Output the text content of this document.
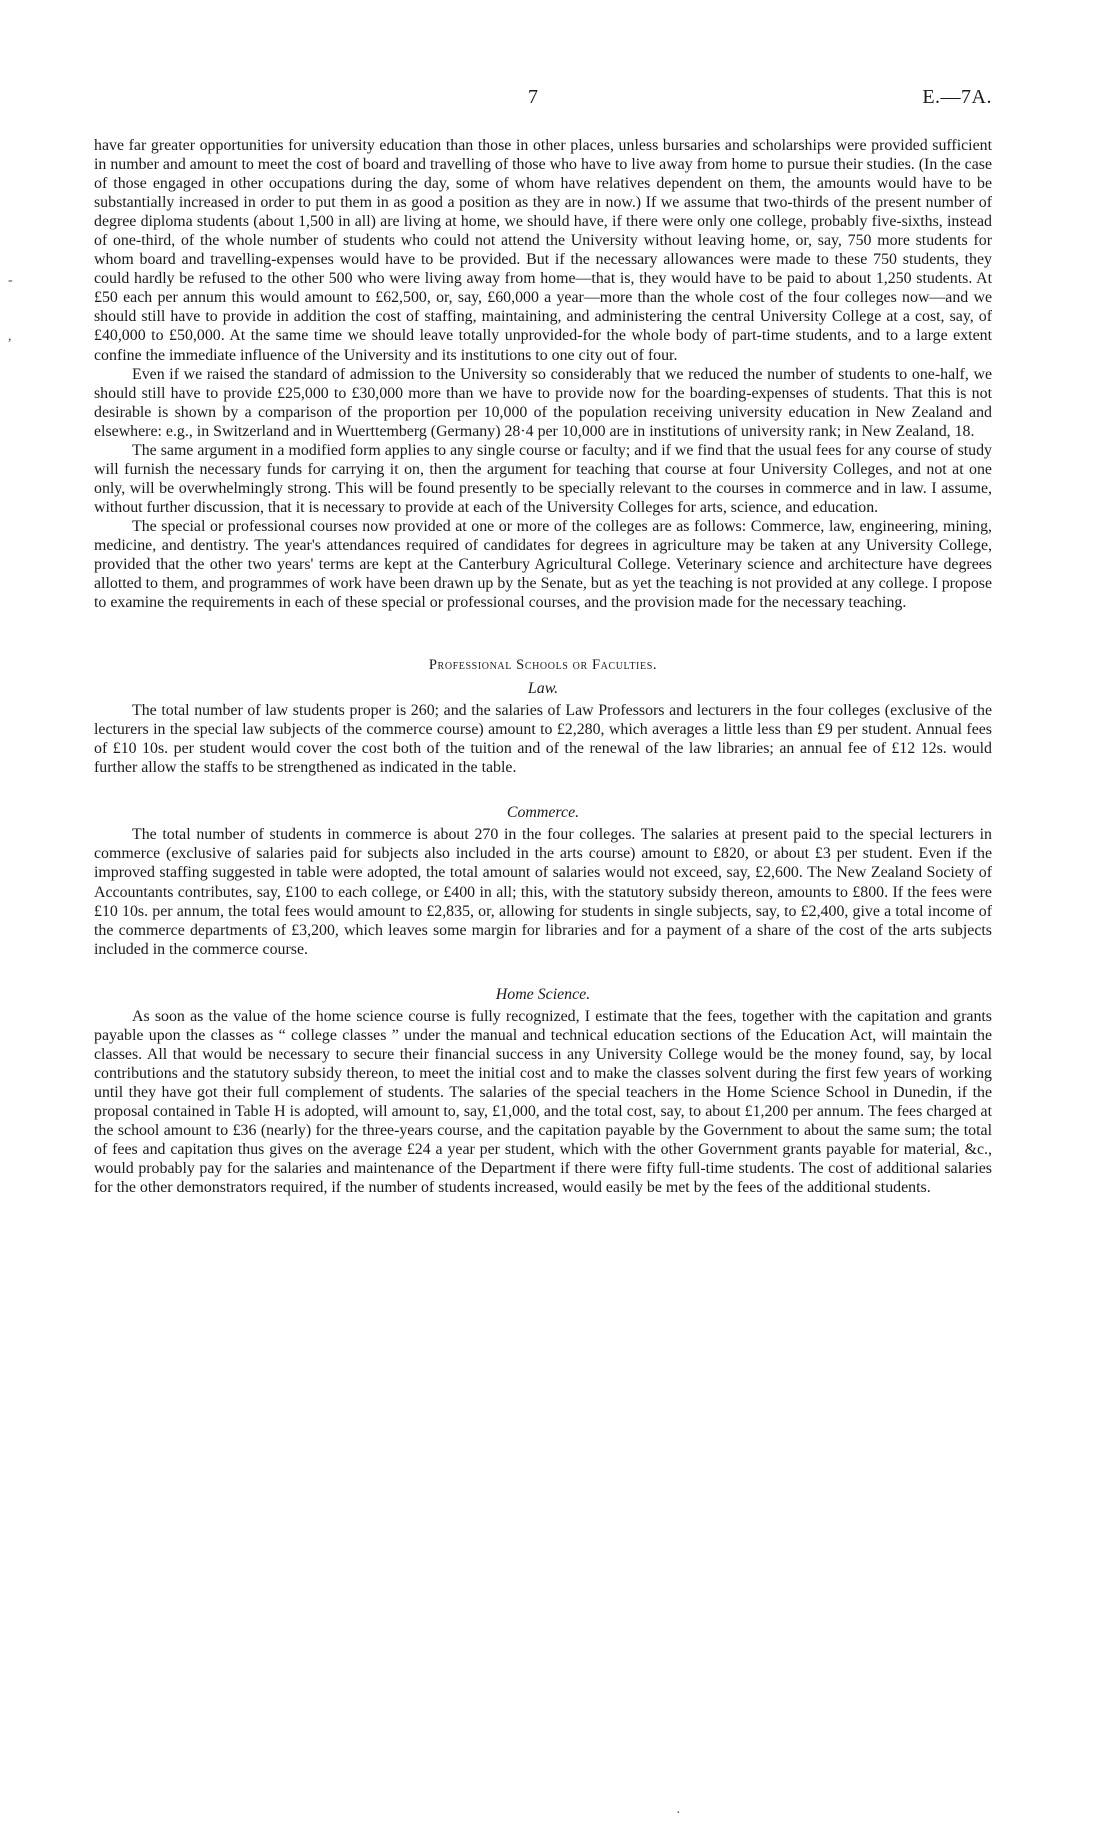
-
,
7	E.—7A.

have far greater opportunities for university education than those in other places, unless bursaries and scholarships were provided sufficient in number and amount to meet the cost of board and travelling of those who have to live away from home to pursue their studies. (In the case of those engaged in other occupations during the day, some of whom have relatives dependent on them, the amounts would have to be substantially increased in order to put them in as good a position as they are in now.) If we assume that two-thirds of the present number of degree diploma students (about 1,500 in all) are living at home, we should have, if there were only one college, probably five-sixths, instead of one-third, of the whole number of students who could not attend the University without leaving home, or, say, 750 more students for whom board and travelling-expenses would have to be provided. But if the necessary allowances were made to these 750 students, they could hardly be refused to the other 500 who were living away from home—that is, they would have to be paid to about 1,250 students. At £50 each per annum this would amount to £62,500, or, say, £60,000 a year—more than the whole cost of the four colleges now—and we should still have to provide in addition the cost of staffing, maintaining, and administering the central University College at a cost, say, of £40,000 to £50,000. At the same time we should leave totally unprovided-for the whole body of part-time students, and to a large extent confine the immediate influence of the University and its institutions to one city out of four.

Even if we raised the standard of admission to the University so considerably that we reduced the number of students to one-half, we should still have to provide £25,000 to £30,000 more than we have to provide now for the boarding-expenses of students. That this is not desirable is shown by a comparison of the proportion per 10,000 of the population receiving university education in New Zealand and elsewhere: e.g., in Switzerland and in Wuerttemberg (Germany) 28·4 per 10,000 are in institutions of university rank; in New Zealand, 18.

The same argument in a modified form applies to any single course or faculty; and if we find that the usual fees for any course of study will furnish the necessary funds for carrying it on, then the argument for teaching that course at four University Colleges, and not at one only, will be overwhelmingly strong. This will be found presently to be specially relevant to the courses in commerce and in law. I assume, without further discussion, that it is necessary to provide at each of the University Colleges for arts, science, and education.

The special or professional courses now provided at one or more of the colleges are as follows: Commerce, law, engineering, mining, medicine, and dentistry. The year's attendances required of candidates for degrees in agriculture may be taken at any University College, provided that the other two years' terms are kept at the Canterbury Agricultural College. Veterinary science and architecture have degrees allotted to them, and programmes of work have been drawn up by the Senate, but as yet the teaching is not provided at any college. I propose to examine the requirements in each of these special or professional courses, and the provision made for the necessary teaching.

Professional Schools or Faculties.
Law.

The total number of law students proper is 260; and the salaries of Law Professors and lecturers in the four colleges (exclusive of the lecturers in the special law subjects of the commerce course) amount to £2,280, which averages a little less than £9 per student. Annual fees of £10 10s. per student would cover the cost both of the tuition and of the renewal of the law libraries; an annual fee of £12 12s. would further allow the staffs to be strengthened as indicated in the table.

Commerce.

The total number of students in commerce is about 270 in the four colleges. The salaries at present paid to the special lecturers in commerce (exclusive of salaries paid for subjects also included in the arts course) amount to £820, or about £3 per student. Even if the improved staffing suggested in table were adopted, the total amount of salaries would not exceed, say, £2,600. The New Zealand Society of Accountants contributes, say, £100 to each college, or £400 in all; this, with the statutory subsidy thereon, amounts to £800. If the fees were £10 10s. per annum, the total fees would amount to £2,835, or, allowing for students in single subjects, say, to £2,400, give a total income of the commerce departments of £3,200, which leaves some margin for libraries and for a payment of a share of the cost of the arts subjects included in the commerce course.

Home Science.

As soon as the value of the home science course is fully recognized, I estimate that the fees, together with the capitation and grants payable upon the classes as “ college classes ” under the manual and technical education sections of the Education Act, will maintain the classes. All that would be necessary to secure their financial success in any University College would be the money found, say, by local contributions and the statutory subsidy thereon, to meet the initial cost and to make the classes solvent during the first few years of working until they have got their full complement of students. The salaries of the special teachers in the Home Science School in Dunedin, if the proposal contained in Table H is adopted, will amount to, say, £1,000, and the total cost, say, to about £1,200 per annum. The fees charged at the school amount to £36 (nearly) for the three-years course, and the capitation payable by the Government to about the same sum; the total of fees and capitation thus gives on the average £24 a year per student, which with the other Government grants payable for material, &c., would probably pay for the salaries and maintenance of the Department if there were fifty full-time students. The cost of additional salaries for the other demonstrators required, if the number of students increased, would easily be met by the fees of the additional students.

·
